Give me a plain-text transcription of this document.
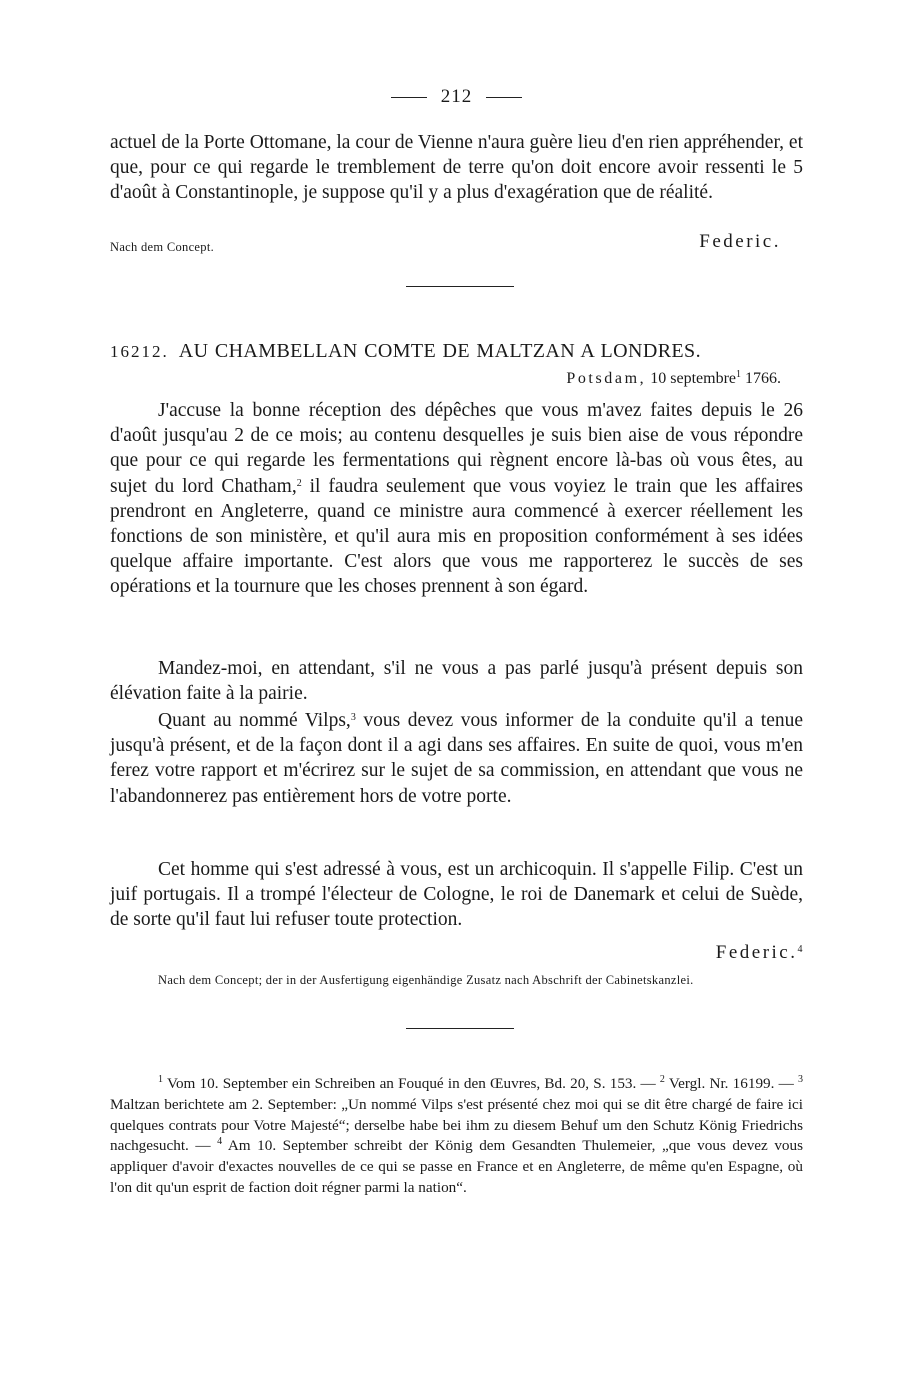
212

actuel de la Porte Ottomane, la cour de Vienne n'aura guère lieu d'en rien appréhender, et que, pour ce qui regarde le tremblement de terre qu'on doit encore avoir ressenti le 5 d'août à Constantinople, je suppose qu'il y a plus d'exagération que de réalité.

Nach dem Concept.	Federic.
16212. AU CHAMBELLAN COMTE DE MALTZAN A LONDRES.
Potsdam, 10 septembre$^1$ 1766.

J'accuse la bonne réception des dépêches que vous m'avez faites depuis le 26 d'août jusqu'au 2 de ce mois; au contenu desquelles je suis bien aise de vous répondre que pour ce qui regarde les fermentations qui règnent encore là-bas où vous êtes, au sujet du lord Chatham,$^2$ il faudra seulement que vous voyiez le train que les affaires prendront en Angleterre, quand ce ministre aura commencé à exercer réellement les fonctions de son ministère, et qu'il aura mis en proposition conformément à ses idées quelque affaire importante. C'est alors que vous me rapporterez le succès de ses opérations et la tournure que les choses prennent à son égard.

Mandez-moi, en attendant, s'il ne vous a pas parlé jusqu'à présent depuis son élévation faite à la pairie.

Quant au nommé Vilps,$^3$ vous devez vous informer de la conduite qu'il a tenue jusqu'à présent, et de la façon dont il a agi dans ses affaires. En suite de quoi, vous m'en ferez votre rapport et m'écrirez sur le sujet de sa commission, en attendant que vous ne l'abandonnerez pas entièrement hors de votre porte.

Cet homme qui s'est adressé à vous, est un archicoquin. Il s'appelle Filip. C'est un juif portugais. Il a trompé l'électeur de Cologne, le roi de Danemark et celui de Suède, de sorte qu'il faut lui refuser toute protection.

Federic.$^4$
Nach dem Concept; der in der Ausfertigung eigenhändige Zusatz nach Abschrift der Cabinetskanzlei.

$^1$ Vom 10. September ein Schreiben an Fouqué in den Œuvres, Bd. 20, S. 153. — $^2$ Vergl. Nr. 16199. — $^3$ Maltzan berichtete am 2. September: „Un nommé Vilps s'est présenté chez moi qui se dit être chargé de faire ici quelques contrats pour Votre Majesté“; derselbe habe bei ihm zu diesem Behuf um den Schutz König Friedrichs nachgesucht. — $^4$ Am 10. September schreibt der König dem Gesandten Thulemeier, „que vous devez vous appliquer d'avoir d'exactes nouvelles de ce qui se passe en France et en Angleterre, de même qu'en Espagne, où l'on dit qu'un esprit de faction doit régner parmi la nation“.
